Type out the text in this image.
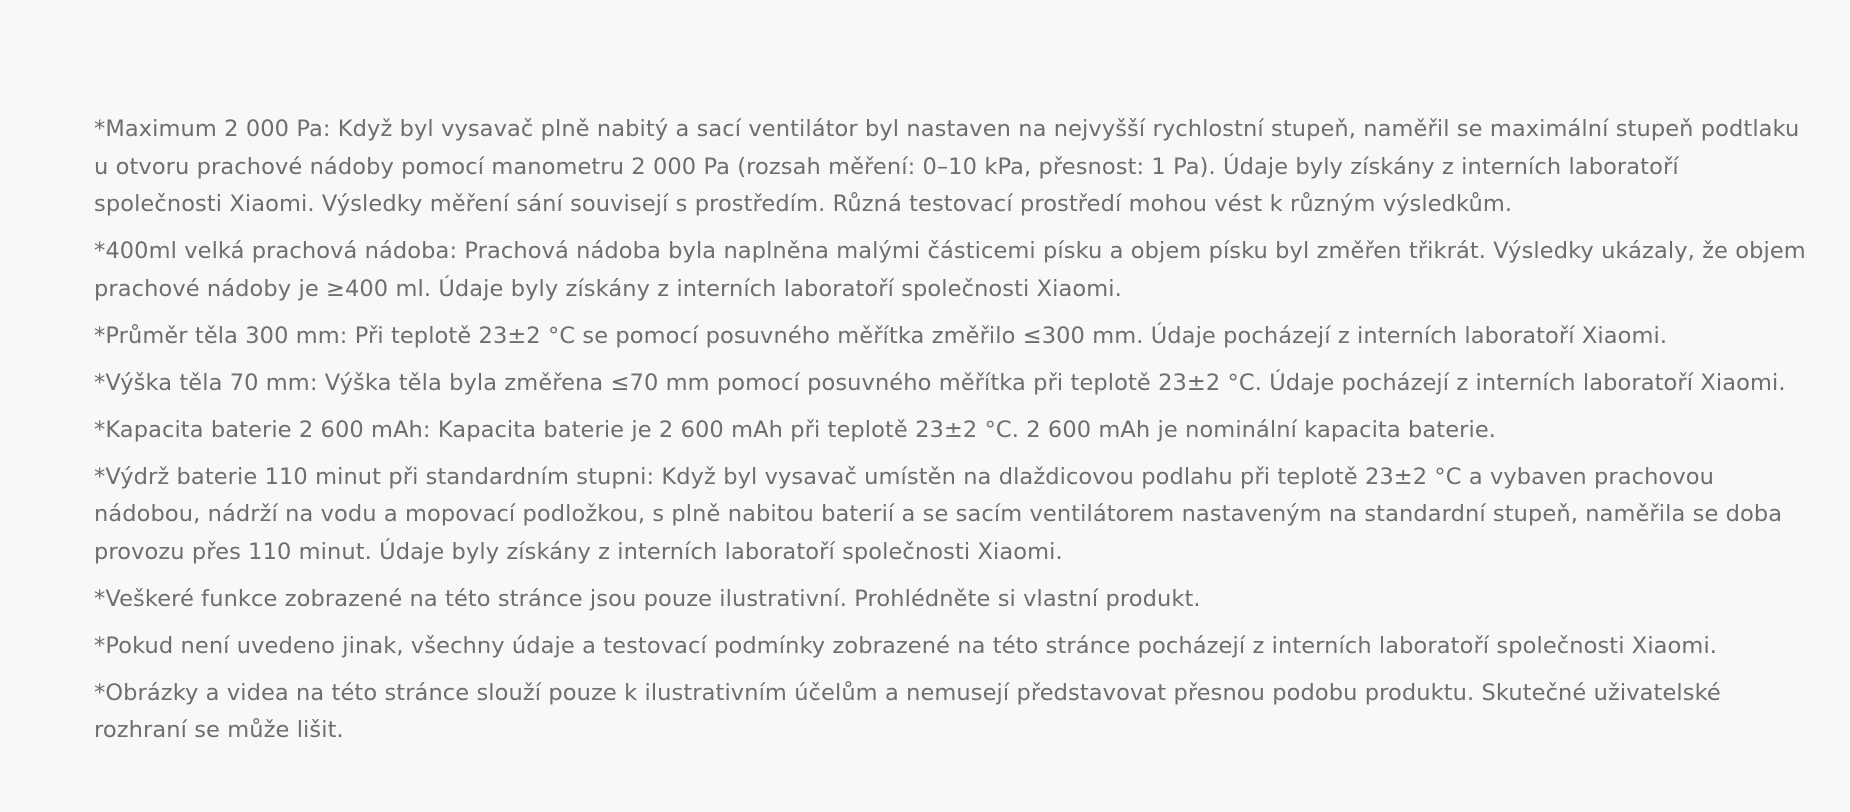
*Maximum 2 000 Pa: Když byl vysavač plně nabitý a sací ventilátor byl nastaven na nejvyšší rychlostní stupeň, naměřil se maximální stupeň podtlaku u otvoru prachové nádoby pomocí manometru 2 000 Pa (rozsah měření: 0–10 kPa, přesnost: 1 Pa). Údaje byly získány z interních laboratoří společnosti Xiaomi. Výsledky měření sání souvisejí s prostředím. Různá testovací prostředí mohou vést k různým výsledkům.

*400ml velká prachová nádoba: Prachová nádoba byla naplněna malými částicemi písku a objem písku byl změřen třikrát. Výsledky ukázaly, že objem prachové nádoby je ≥400 ml. Údaje byly získány z interních laboratoří společnosti Xiaomi.

*Průměr těla 300 mm: Při teplotě 23±2 °C se pomocí posuvného měřítka změřilo ≤300 mm. Údaje pocházejí z interních laboratoří Xiaomi.

*Výška těla 70 mm: Výška těla byla změřena ≤70 mm pomocí posuvného měřítka při teplotě 23±2 °C. Údaje pocházejí z interních laboratoří Xiaomi.

*Kapacita baterie 2 600 mAh: Kapacita baterie je 2 600 mAh při teplotě 23±2 °C. 2 600 mAh je nominální kapacita baterie.

*Výdrž baterie 110 minut při standardním stupni: Když byl vysavač umístěn na dlaždicovou podlahu při teplotě 23±2 °C a vybaven prachovou nádobou, nádrží na vodu a mopovací podložkou, s plně nabitou baterií a se sacím ventilátorem nastaveným na standardní stupeň, naměřila se doba provozu přes 110 minut. Údaje byly získány z interních laboratoří společnosti Xiaomi.

*Veškeré funkce zobrazené na této stránce jsou pouze ilustrativní. Prohlédněte si vlastní produkt.

*Pokud není uvedeno jinak, všechny údaje a testovací podmínky zobrazené na této stránce pocházejí z interních laboratoří společnosti Xiaomi.

*Obrázky a videa na této stránce slouží pouze k ilustrativním účelům a nemusejí představovat přesnou podobu produktu. Skutečné uživatelské rozhraní se může lišit.
